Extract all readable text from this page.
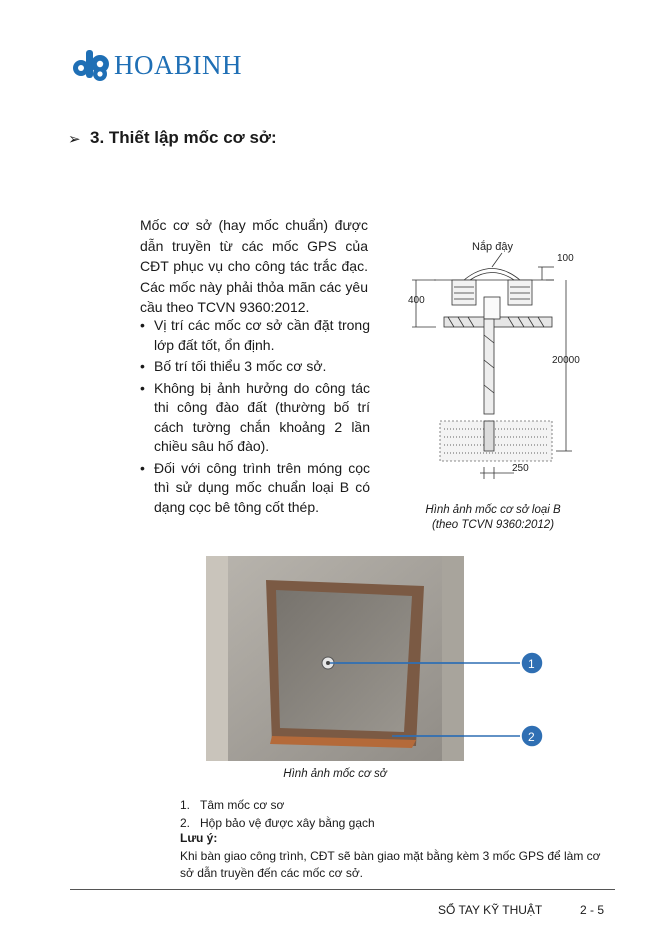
HOABINH
➢ 3. Thiết lập mốc cơ sở:
Mốc cơ sở (hay mốc chuẩn) được dẫn truyền từ các mốc GPS của CĐT phục vụ cho công tác trắc đạc. Các mốc này phải thỏa mãn các yêu cầu theo TCVN 9360:2012.
• Vị trí các mốc cơ sở cần đặt trong lớp đất tốt, ổn định.
• Bố trí tối thiểu 3 mốc cơ sở.
• Không bị ảnh hưởng do công tác thi công đào đất (thường bố trí cách tường chắn khoảng 2 lần chiều sâu hố đào).
• Đối với công trình trên móng cọc thì sử dụng mốc chuẩn loại B có dạng cọc bê tông cốt thép.
Nắp đậy
100
400
20000
250
Hình ảnh mốc cơ sở loại B
(theo TCVN 9360:2012)
1
2
Hình ảnh mốc cơ sở
1. Tâm mốc cơ sơ
2. Hộp bảo vệ được xây bằng gạch
Lưu ý:
Khi bàn giao công trình, CĐT sẽ bàn giao mặt bằng kèm 3 mốc GPS để làm cơ sở dẫn truyền đến các mốc cơ sở.
SỔ TAY KỸ THUẬT	2 - 5
